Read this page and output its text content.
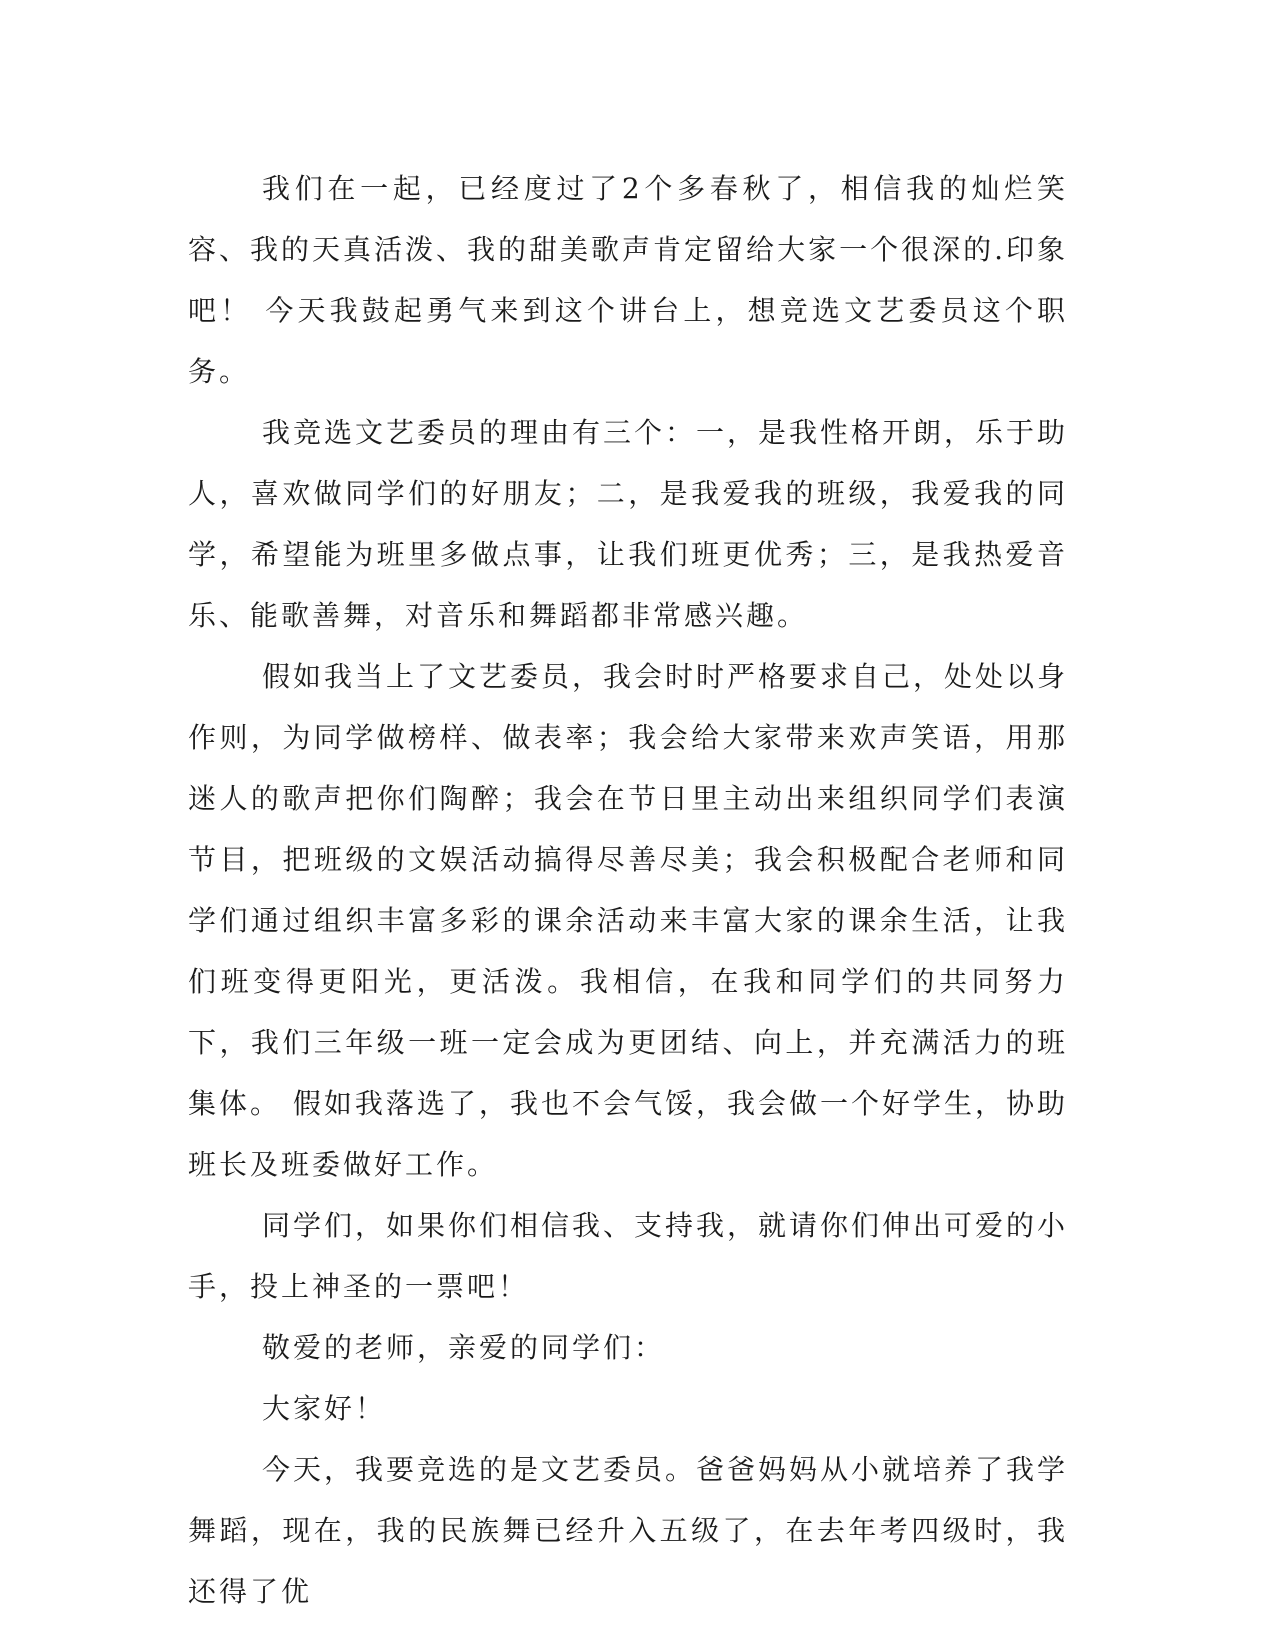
我们在一起，已经度过了2个多春秋了，相信我的灿烂笑容、我的天真活泼、我的甜美歌声肯定留给大家一个很深的.印象吧！ 今天我鼓起勇气来到这个讲台上，想竞选文艺委员这个职务。

我竞选文艺委员的理由有三个：一，是我性格开朗，乐于助人，喜欢做同学们的好朋友；二，是我爱我的班级，我爱我的同学，希望能为班里多做点事，让我们班更优秀；三，是我热爱音乐、能歌善舞，对音乐和舞蹈都非常感兴趣。

假如我当上了文艺委员，我会时时严格要求自己，处处以身作则，为同学做榜样、做表率；我会给大家带来欢声笑语，用那迷人的歌声把你们陶醉；我会在节日里主动出来组织同学们表演节目，把班级的文娱活动搞得尽善尽美；我会积极配合老师和同学们通过组织丰富多彩的课余活动来丰富大家的课余生活，让我们班变得更阳光，更活泼。我相信，在我和同学们的共同努力下，我们三年级一班一定会成为更团结、向上，并充满活力的班集体。 假如我落选了，我也不会气馁，我会做一个好学生，协助班长及班委做好工作。

同学们，如果你们相信我、支持我，就请你们伸出可爱的小手，投上神圣的一票吧！

敬爱的老师，亲爱的同学们：

大家好！

今天，我要竞选的是文艺委员。爸爸妈妈从小就培养了我学舞蹈，现在，我的民族舞已经升入五级了，在去年考四级时，我还得了优
